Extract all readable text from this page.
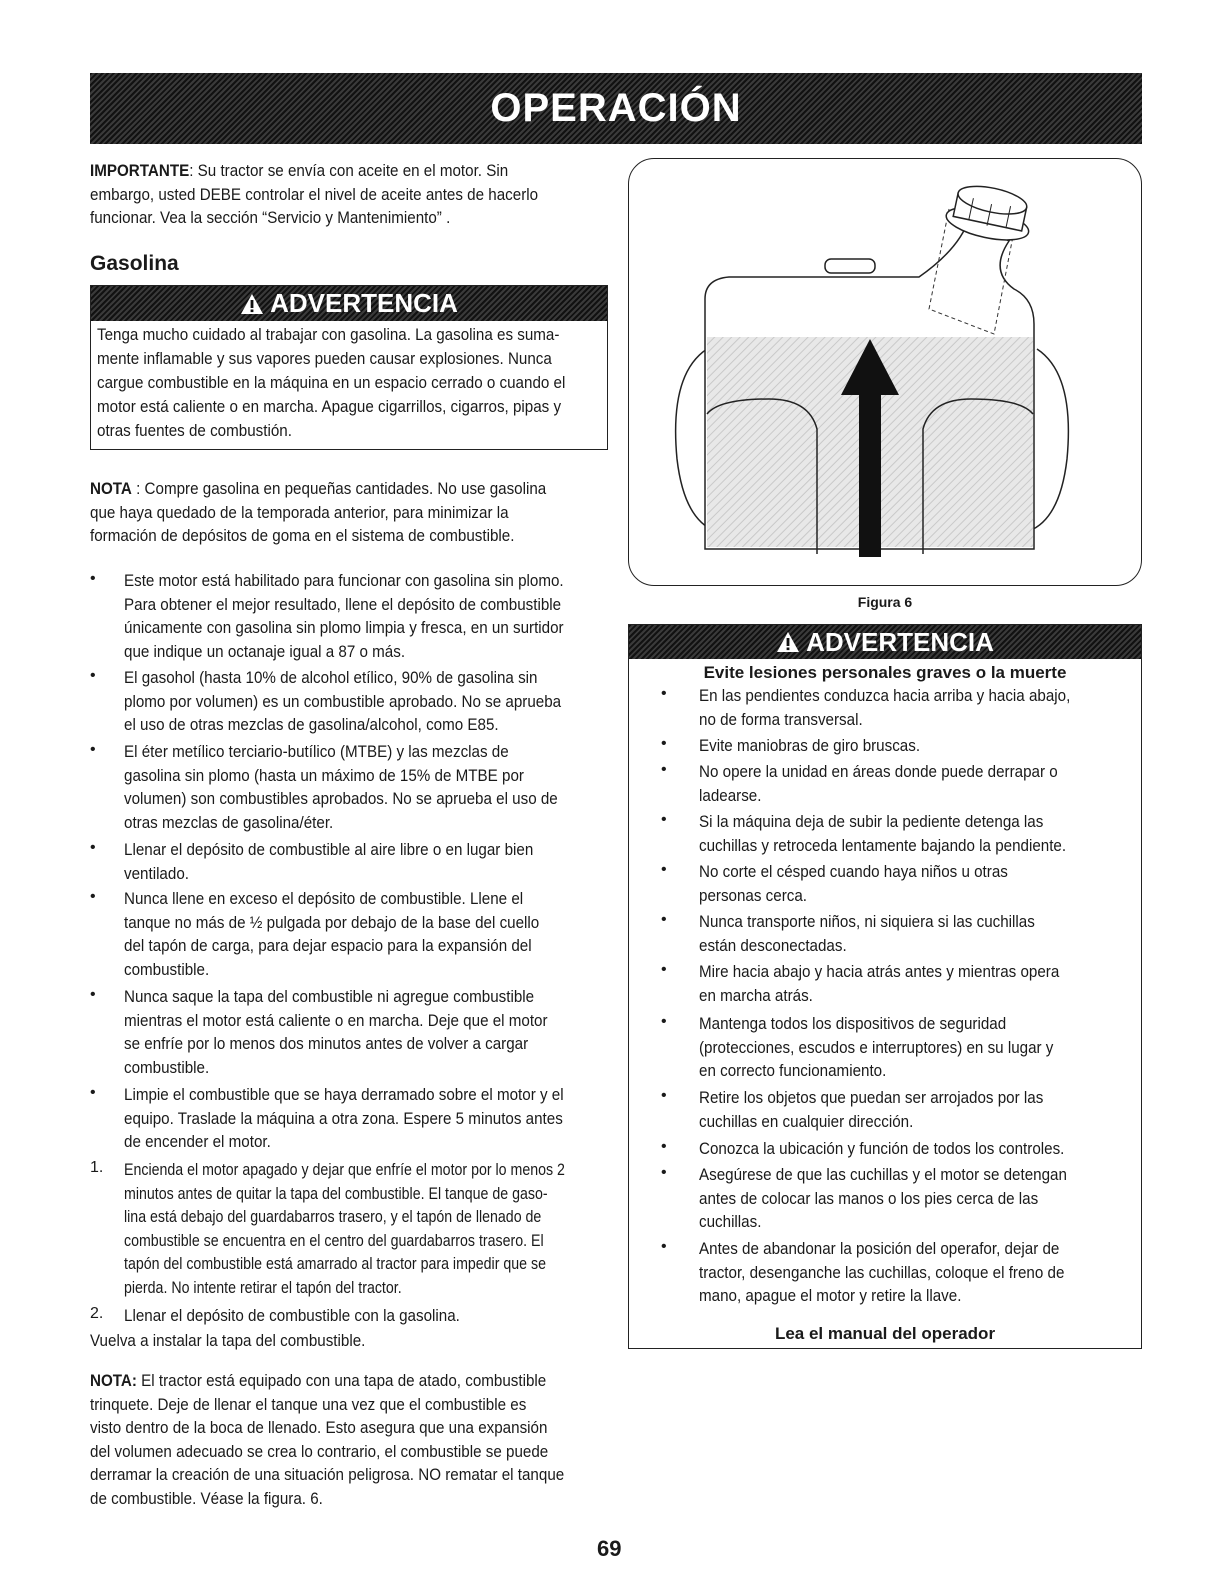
OPERACIÓN
IMPORTANTE: Su tractor se envía con aceite en el motor. Sin
embargo, usted DEBE controlar el nivel de aceite antes de hacerlo
funcionar. Vea la sección “Servicio y Mantenimiento” .
Gasolina
ADVERTENCIA
Tenga mucho cuidado al trabajar con gasolina. La gasolina es suma-
mente inflamable y sus vapores pueden causar explosiones. Nunca
cargue combustible en la máquina en un espacio cerrado o cuando el
motor está caliente o en marcha. Apague cigarrillos, cigarros, pipas y
otras fuentes de combustión.
NOTA : Compre gasolina en pequeñas cantidades. No use gasolina
que haya quedado de la temporada anterior, para minimizar la
formación de depósitos de goma en el sistema de combustible.
• Este motor está habilitado para funcionar con gasolina sin plomo.
Para obtener el mejor resultado, llene el depósito de combustible
únicamente con gasolina sin plomo limpia y fresca, en un surtidor
que indique un octanaje igual a 87 o más.
• El gasohol (hasta 10% de alcohol etílico, 90% de gasolina sin
plomo por volumen) es un combustible aprobado. No se aprueba
el uso de otras mezclas de gasolina/alcohol, como E85.
• El éter metílico terciario-butílico (MTBE) y las mezclas de
gasolina sin plomo (hasta un máximo de 15% de MTBE por
volumen) son combustibles aprobados. No se aprueba el uso de
otras mezclas de gasolina/éter.
• Llenar el depósito de combustible al aire libre o en lugar bien
ventilado.
• Nunca llene en exceso el depósito de combustible. Llene el
tanque no más de ½ pulgada por debajo de la base del cuello
del tapón de carga, para dejar espacio para la expansión del
combustible.
• Nunca saque la tapa del combustible ni agregue combustible
mientras el motor está caliente o en marcha. Deje que el motor
se enfríe por lo menos dos minutos antes de volver a cargar
combustible.
• Limpie el combustible que se haya derramado sobre el motor y el
equipo. Traslade la máquina a otra zona. Espere 5 minutos antes
de encender el motor.
1. Encienda el motor apagado y dejar que enfríe el motor por lo menos 2
minutos antes de quitar la tapa del combustible. El tanque de gaso-
lina está debajo del guardabarros trasero, y el tapón de llenado de
combustible se encuentra en el centro del guardabarros trasero. El
tapón del combustible está amarrado al tractor para impedir que se
pierda. No intente retirar el tapón del tractor.
2. Llenar el depósito de combustible con la gasolina.
Vuelva a instalar la tapa del combustible.
NOTA: El tractor está equipado con una tapa de atado, combustible
trinquete. Deje de llenar el tanque una vez que el combustible es
visto dentro de la boca de llenado. Esto asegura que una expansión
del volumen adecuado se crea lo contrario, el combustible se puede
derramar la creación de una situación peligrosa. NO rematar el tanque
de combustible. Véase la figura. 6.
Figura 6
ADVERTENCIA
Evite lesiones personales graves o la muerte
• En las pendientes conduzca hacia arriba y hacia abajo,
no de forma transversal.
• Evite maniobras de giro bruscas.
• No opere la unidad en áreas donde puede derrapar o
ladearse.
• Si la máquina deja de subir la pediente detenga las
cuchillas y retroceda lentamente bajando la pendiente.
• No corte el césped cuando haya niños u otras
personas cerca.
• Nunca transporte niños, ni siquiera si las cuchillas
están desconectadas.
• Mire hacia abajo y hacia atrás antes y mientras opera
en marcha atrás.
• Mantenga todos los dispositivos de seguridad
(protecciones, escudos e interruptores) en su lugar y
en correcto funcionamiento.
• Retire los objetos que puedan ser arrojados por las
cuchillas en cualquier dirección.
• Conozca la ubicación y función de todos los controles.
• Asegúrese de que las cuchillas y el motor se detengan
antes de colocar las manos o los pies cerca de las
cuchillas.
• Antes de abandonar la posición del operafor, dejar de
tractor, desenganche las cuchillas, coloque el freno de
mano, apague el motor y retire la llave.
Lea el manual del operador
69
